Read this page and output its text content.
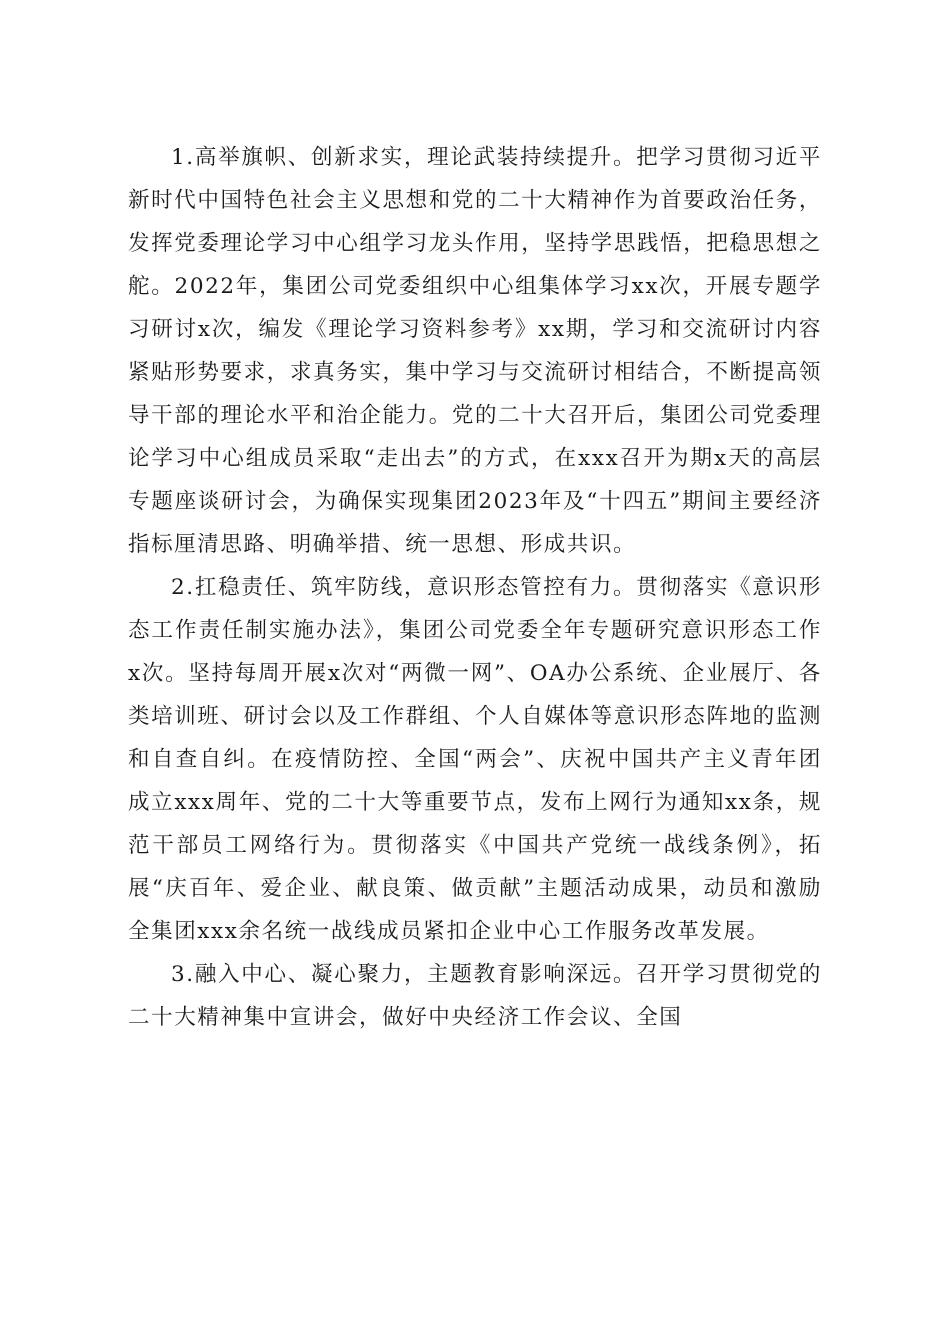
1.高举旗帜、创新求实，理论武装持续提升。把学习贯彻习近平新时代中国特色社会主义思想和党的二十大精神作为首要政治任务，发挥党委理论学习中心组学习龙头作用，坚持学思践悟，把稳思想之舵。2022年，集团公司党委组织中心组集体学习xx次，开展专题学习研讨x次，编发《理论学习资料参考》xx期，学习和交流研讨内容紧贴形势要求，求真务实，集中学习与交流研讨相结合，不断提高领导干部的理论水平和治企能力。党的二十大召开后，集团公司党委理论学习中心组成员采取“走出去”的方式，在xxx召开为期x天的高层专题座谈研讨会，为确保实现集团2023年及“十四五”期间主要经济指标厘清思路、明确举措、统一思想、形成共识。

2.扛稳责任、筑牢防线，意识形态管控有力。贯彻落实《意识形态工作责任制实施办法》，集团公司党委全年专题研究意识形态工作x次。坚持每周开展x次对“两微一网”、OA办公系统、企业展厅、各类培训班、研讨会以及工作群组、个人自媒体等意识形态阵地的监测和自查自纠。在疫情防控、全国“两会”、庆祝中国共产主义青年团成立xxx周年、党的二十大等重要节点，发布上网行为通知xx条，规范干部员工网络行为。贯彻落实《中国共产党统一战线条例》，拓展“庆百年、爱企业、献良策、做贡献”主题活动成果，动员和激励全集团xxx余名统一战线成员紧扣企业中心工作服务改革发展。

3.融入中心、凝心聚力，主题教育影响深远。召开学习贯彻党的二十大精神集中宣讲会，做好中央经济工作会议、全国
